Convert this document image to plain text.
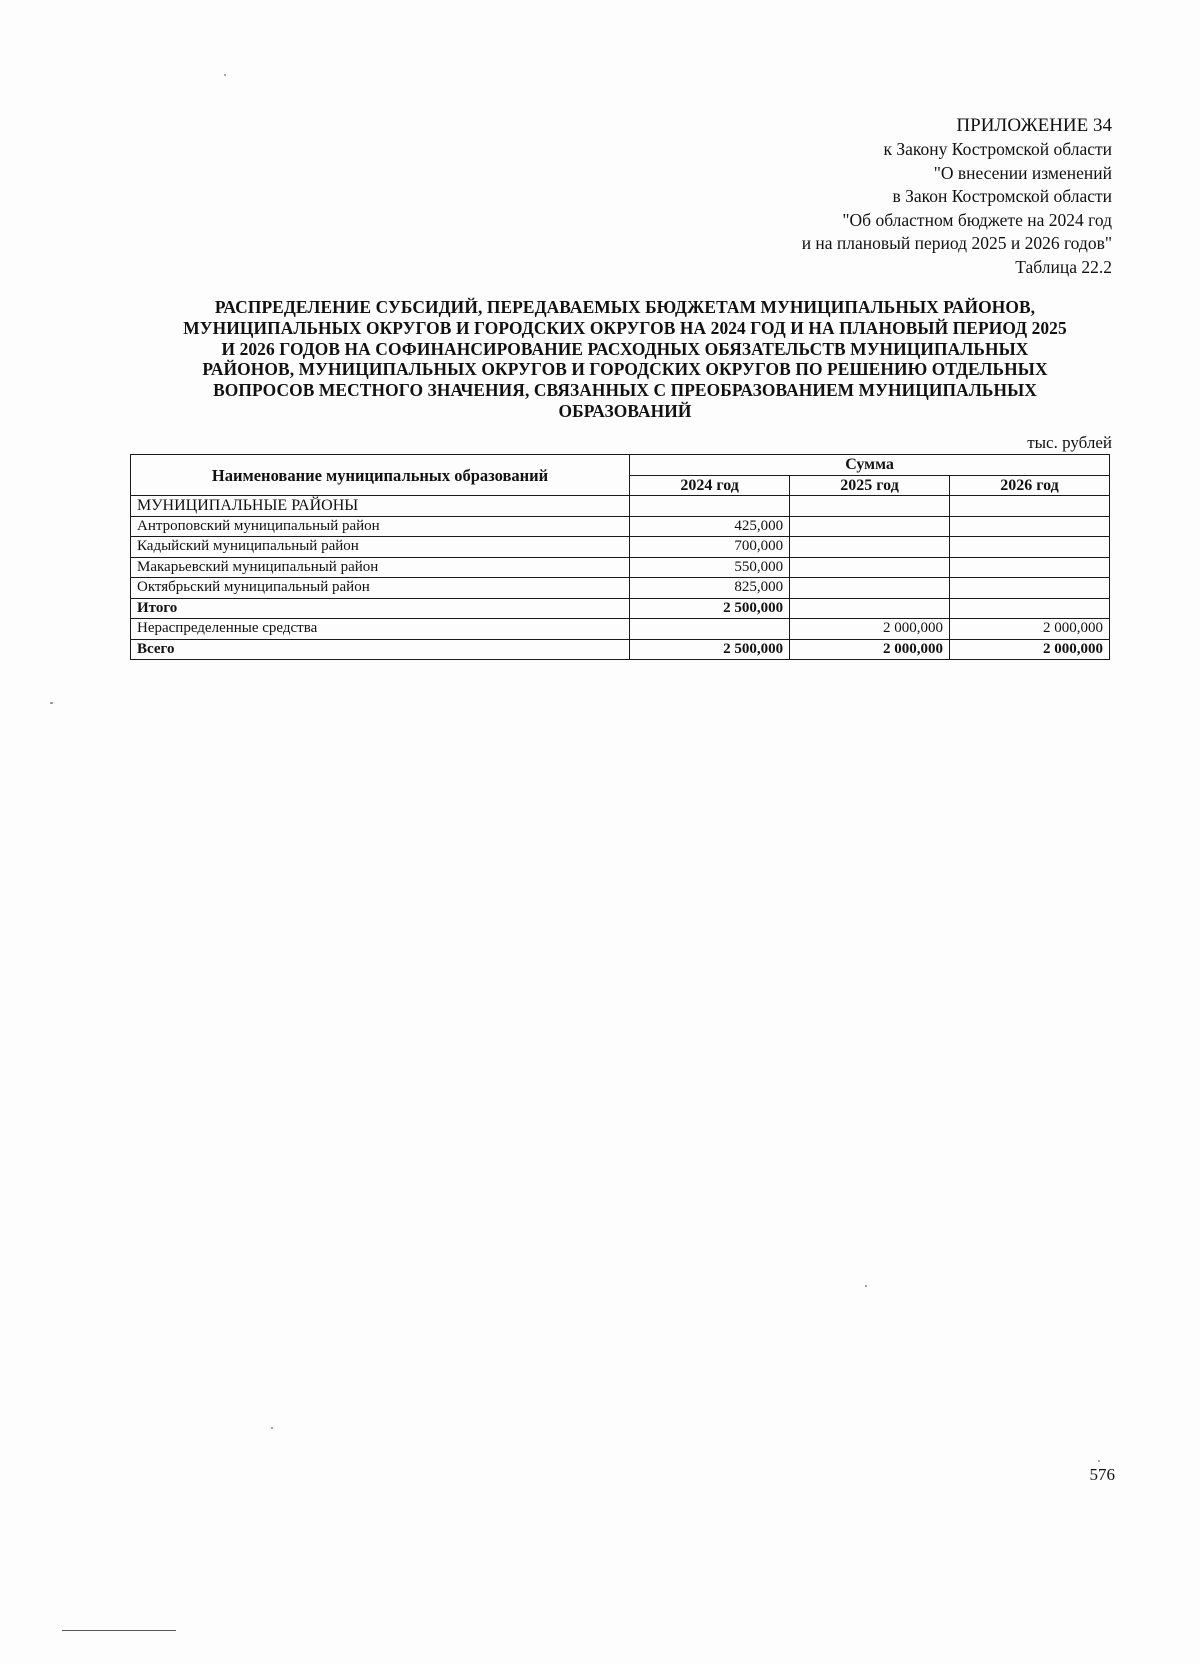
ПРИЛОЖЕНИЕ 34
к Закону Костромской области
"О внесении изменений
в Закон Костромской области
"Об областном бюджете на 2024 год
и на плановый период 2025 и 2026 годов"
Таблица 22.2
РАСПРЕДЕЛЕНИЕ СУБСИДИЙ, ПЕРЕДАВАЕМЫХ БЮДЖЕТАМ МУНИЦИПАЛЬНЫХ РАЙОНОВ,
МУНИЦИПАЛЬНЫХ ОКРУГОВ И ГОРОДСКИХ ОКРУГОВ НА 2024 ГОД И НА ПЛАНОВЫЙ ПЕРИОД 2025
И 2026 ГОДОВ НА СОФИНАНСИРОВАНИЕ РАСХОДНЫХ ОБЯЗАТЕЛЬСТВ МУНИЦИПАЛЬНЫХ
РАЙОНОВ, МУНИЦИПАЛЬНЫХ ОКРУГОВ И ГОРОДСКИХ ОКРУГОВ ПО РЕШЕНИЮ ОТДЕЛЬНЫХ
ВОПРОСОВ МЕСТНОГО ЗНАЧЕНИЯ, СВЯЗАННЫХ С ПРЕОБРАЗОВАНИЕМ МУНИЦИПАЛЬНЫХ
ОБРАЗОВАНИЙ
тыс. рублей
Наименование муниципальных образований	Сумма		
	2024 год	2025 год	2026 год
МУНИЦИПАЛЬНЫЕ РАЙОНЫ			
Антроповский муниципальный район	425,000		
Кадыйский муниципальный район	700,000		
Макарьевский муниципальный район	550,000		
Октябрьский муниципальный район	825,000		
Итого	2 500,000		
Нераспределенные средства		2 000,000	2 000,000
Всего	2 500,000	2 000,000	2 000,000
576
